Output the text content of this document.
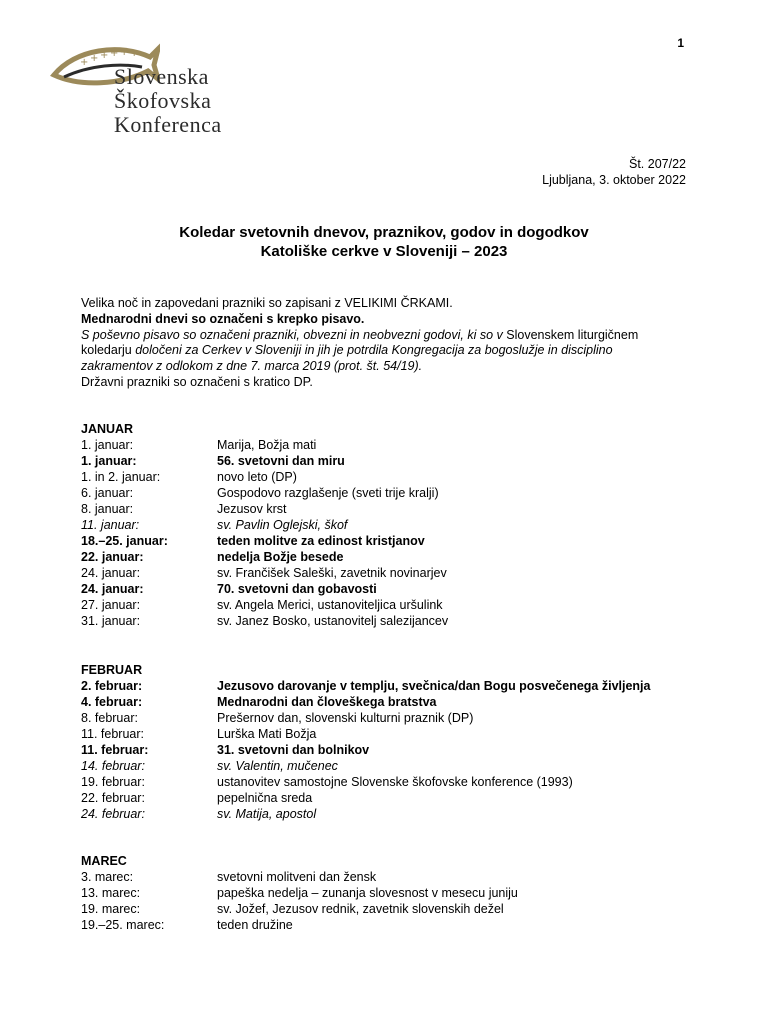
+ + + + + +
Slovenska
Škofovska
Konferenca
1
Št. 207/22
Ljubljana, 3. oktober 2022
Koledar svetovnih dnevov, praznikov, godov in dogodkov
Katoliške cerkve v Sloveniji – 2023
Velika noč in zapovedani prazniki so zapisani z VELIKIMI ČRKAMI.
Mednarodni dnevi so označeni s krepko pisavo.
S poševno pisavo so označeni prazniki, obvezni in neobvezni godovi, ki so v Slovenskem liturgičnem
koledarju določeni za Cerkev v Sloveniji in jih je potrdila Kongregacija za bogoslužje in disciplino
zakramentov z odlokom z dne 7. marca 2019 (prot. št. 54/19).
Državni prazniki so označeni s kratico DP.
JANUAR
1. januar:	Marija, Božja mati
1. januar:	56. svetovni dan miru
1. in 2. januar:	novo leto (DP)
6. januar:	Gospodovo razglašenje (sveti trije kralji)
8. januar:	Jezusov krst
11. januar:	sv. Pavlin Oglejski, škof
18.–25. januar:	teden molitve za edinost kristjanov
22. januar:	nedelja Božje besede
24. januar:	sv. Frančišek Saleški, zavetnik novinarjev
24. januar:	70. svetovni dan gobavosti
27. januar:	sv. Angela Merici, ustanoviteljica uršulink
31. januar:	sv. Janez Bosko, ustanovitelj salezijancev
FEBRUAR
2. februar:	Jezusovo darovanje v templju, svečnica/dan Bogu posvečenega življenja
4. februar:	Mednarodni dan človeškega bratstva
8. februar:	Prešernov dan, slovenski kulturni praznik (DP)
11. februar:	Lurška Mati Božja
11. februar:	31. svetovni dan bolnikov
14. februar:	sv. Valentin, mučenec
19. februar:	ustanovitev samostojne Slovenske škofovske konference (1993)
22. februar:	pepelnična sreda
24. februar:	sv. Matija, apostol
MAREC
3. marec:	svetovni molitveni dan žensk
13. marec:	papeška nedelja – zunanja slovesnost v mesecu juniju
19. marec:	sv. Jožef, Jezusov rednik, zavetnik slovenskih dežel
19.–25. marec:	teden družine
